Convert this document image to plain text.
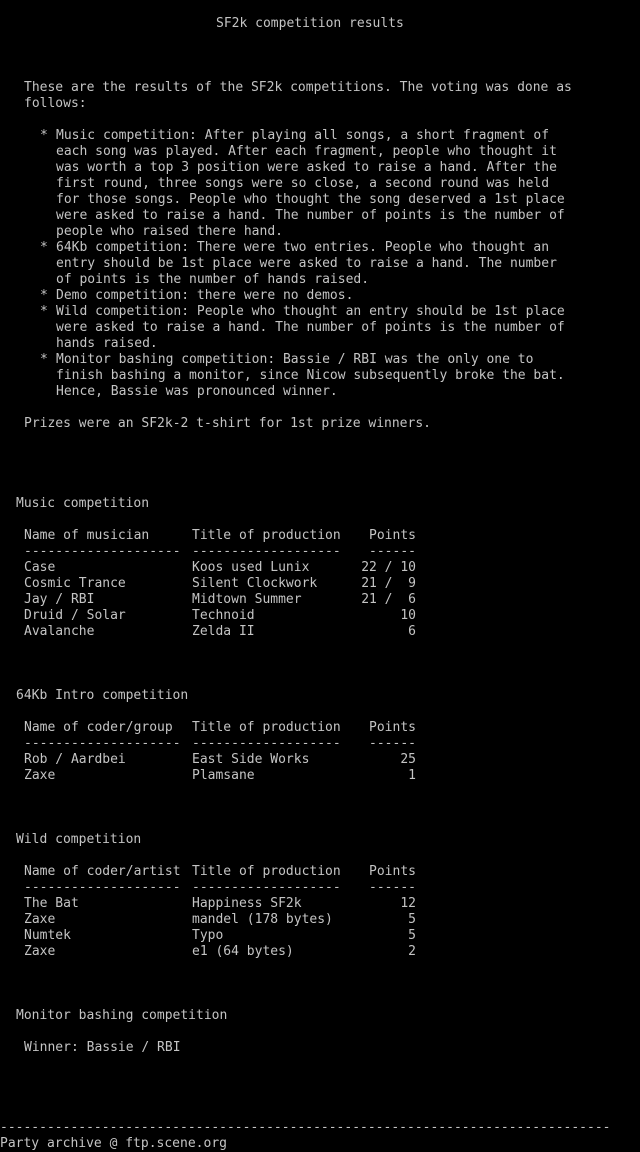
SF2k competition results
These are the results of the SF2k competitions. The voting was done as
follows:
* Music competition: After playing all songs, a short fragment of
each song was played. After each fragment, people who thought it
was worth a top 3 position were asked to raise a hand. After the
first round, three songs were so close, a second round was held
for those songs. People who thought the song deserved a 1st place
were asked to raise a hand. The number of points is the number of
people who raised there hand.
* 64Kb competition: There were two entries. People who thought an
entry should be 1st place were asked to raise a hand. The number
of points is the number of hands raised.
* Demo competition: there were no demos.
* Wild competition: People who thought an entry should be 1st place
were asked to raise a hand. The number of points is the number of
hands raised.
* Monitor bashing competition: Bassie / RBI was the only one to
finish bashing a monitor, since Nicow subsequently broke the bat.
Hence, Bassie was pronounced winner.
Prizes were an SF2k-2 t-shirt for 1st prize winners.
Music competition
Name of musician	Title of production Points
-------------------- ------------------- ------
Case	Koos used Lunix	22 / 10
Cosmic Trance	Silent Clockwork	21 /  9
Jay / RBI	Midtown Summer	21 /  6
Druid / Solar	Technoid	10
Avalanche	Zelda II	6
64Kb Intro competition
Name of coder/group Title of production Points
-------------------- ------------------- ------
Rob / Aardbei	East Side Works	25
Zaxe	Plamsane	1
Wild competition
Name of coder/artist Title of production Points
-------------------- ------------------- ------
The Bat	Happiness SF2k	12
Zaxe	mandel (178 bytes)	5
Numtek	Typo	5
Zaxe	e1 (64 bytes)	2
Monitor bashing competition
Winner: Bassie / RBI
------------------------------------------------------------------------------
Party archive @ ftp.scene.org
